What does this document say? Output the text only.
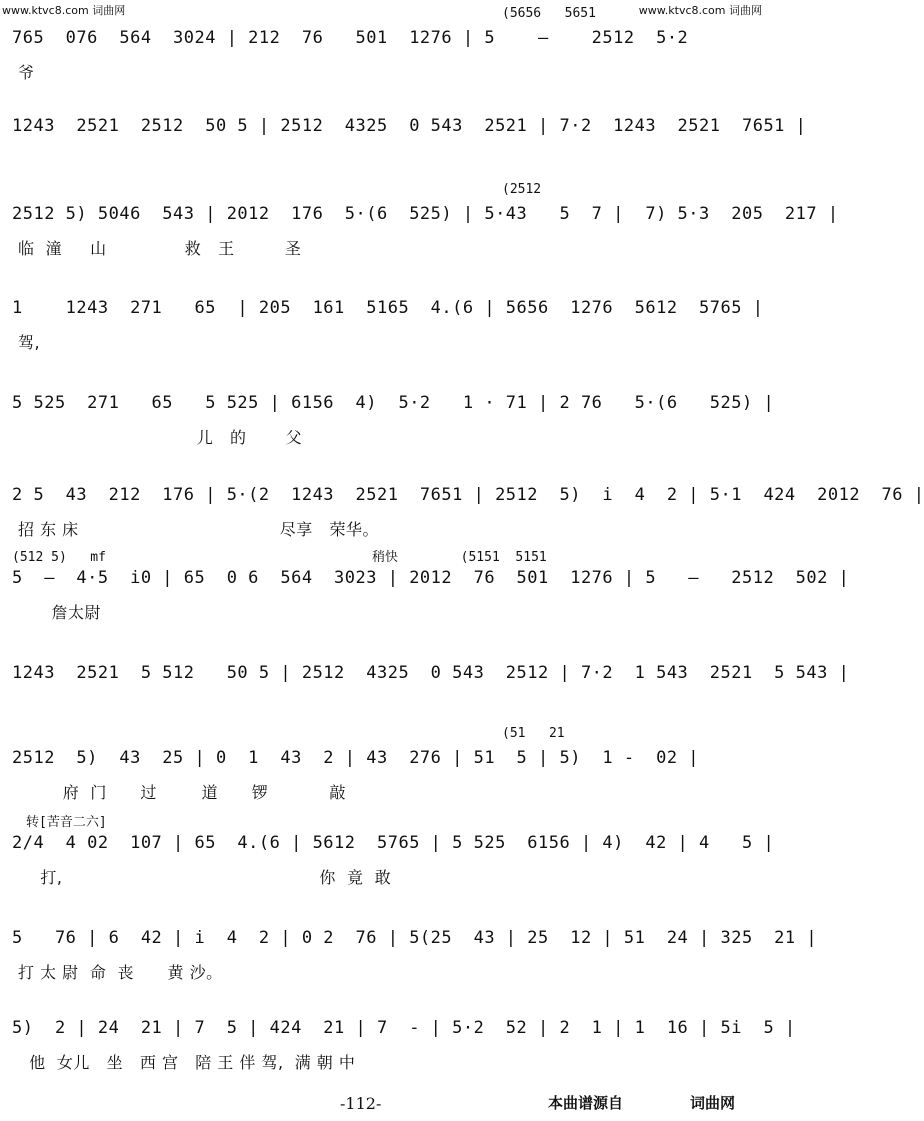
www.ktvc8.com 词曲网	www.ktvc8.com 词曲网
(5656   5651
765  076  564  3024 | 212  76   501  1276 | 5    —    2512  5·2
爷
1243  2521  2512  50 5 | 2512  4325  0 543  2521 | 7·2  1243  2521  7651 |
(2512
2512 5) 5046  543 | 2012  176  5·(6  525) | 5·43   5  7 |  7) 5·3  205  217 |
临  潼     山              救   王         圣
1    1243  271   65  | 205  161  5165  4.(6 | 5656  1276  5612  5765 |
驾,
5 525  271   65   5 525 | 6156  4)  5·2   1 · 71 | 2 76   5·(6   525) |
儿   的       父
2 5  43  212  176 | 5·(2  1243  2521  7651 | 2512  5)  i  4  2 | 5·1  424  2012  76 |
招 东 床                                    尽享   荣华。
(512 5)   mf                                  稍快        (5151  5151
5  —  4·5  i0 | 65  0 6  564  3023 | 2012  76  501  1276 | 5   —   2512  502 |
詹太尉
1243  2521  5 512   50 5 | 2512  4325  0 543  2512 | 7·2  1 543  2521  5 543 |
(51   21
2512  5)  43  25 | 0  1  43  2 | 43  276 | 51  5 | 5)  1 -  02 |
府  门      过        道      锣           敲
转[苦音二六]
2/4  4 02  107 | 65  4.(6 | 5612  5765 | 5 525  6156 | 4)  42 | 4   5 |
打,                                              你  竟  敢
5   76 | 6  42 | i  4  2 | 0 2  76 | 5(25  43 | 25  12 | 51  24 | 325  21 |
打 太 尉  命  丧      黄 沙。
5)  2 | 24  21 | 7  5 | 424  21 | 7  - | 5·2  52 | 2  1 | 1  16 | 5i  5 |
他  女儿   坐   西 宫   陪 王 伴 驾,  满 朝 中
-112-	本曲谱源自	词曲网
